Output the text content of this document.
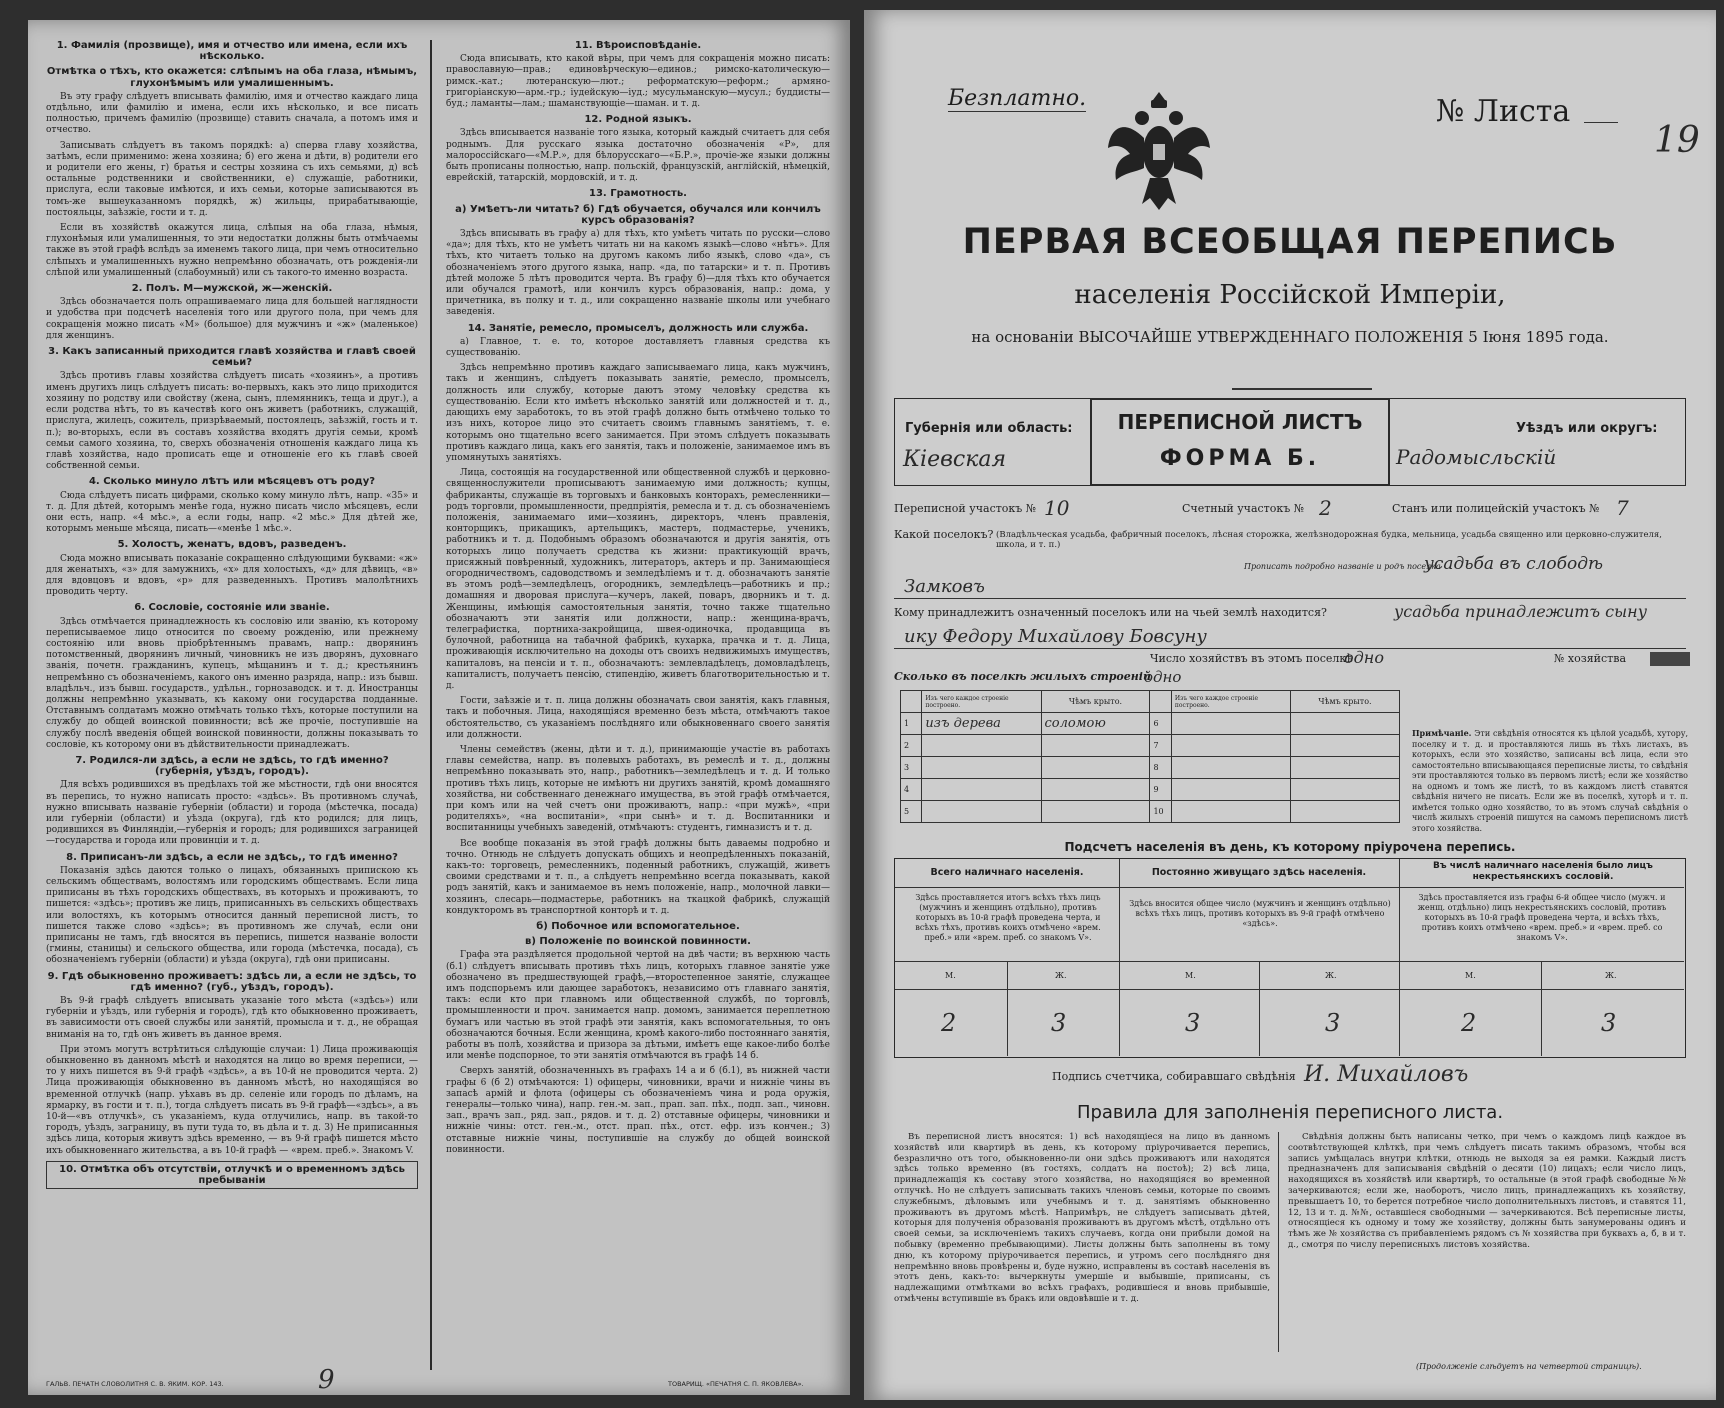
1. Фамилія (прозвище), имя и отчество или имена, если ихъ нѣсколько.
Отмѣтка о тѣхъ, кто окажется: слѣпымъ на оба глаза, нѣмымъ, глухонѣмымъ или умалишеннымъ.

Въ эту графу слѣдуетъ вписывать фамилію, имя и отчество каждаго лица отдѣльно, или фамилію и имена, если ихъ нѣсколько, и все писать полностью, причемъ фамилію (прозвище) ставить сначала, а потомъ имя и отчество.

Записывать слѣдуетъ въ такомъ порядкѣ: а) сперва главу хозяйства, затѣмъ, если применимо: жена хозяина; б) его жена и дѣти, в) родители его и родители его жены, г) братья и сестры хозяина съ ихъ семьями, д) всѣ остальные родственники и свойственники, е) служащіе, работники, прислуга, если таковые имѣются, и ихъ семьи, которые записываются въ томъ-же вышеуказанномъ порядкѣ, ж) жильцы, прирабатывающіе, постояльцы, заѣзжіе, гости и т. д.

Если въ хозяйствѣ окажутся лица, слѣпыя на оба глаза, нѣмыя, глухонѣмыя или умалишенныя, то эти недостатки должны быть отмѣчаемы также въ этой графѣ вслѣдъ за именемъ такого лица, при чемъ относительно слѣпыхъ и умалишенныхъ нужно непремѣнно обозначать, отъ рожденія-ли слѣпой или умалишенный (слабоумный) или съ такого-то именно возраста.

2. Полъ. М—мужской, ж—женскій.

Здѣсь обозначается полъ опрашиваемаго лица для большей наглядности и удобства при подсчетѣ населенія того или другого пола, при чемъ для сокращенія можно писать «М» (большое) для мужчинъ и «ж» (маленькое) для женщинъ.

3. Какъ записанный приходится главѣ хозяйства и главѣ своей семьи?

Здѣсь противъ главы хозяйства слѣдуетъ писать «хозяинъ», а противъ именъ другихъ лицъ слѣдуетъ писать: во-первыхъ, какъ это лицо приходится хозяину по родству или свойству (жена, сынъ, племянникъ, теща и друг.), а если родства нѣтъ, то въ качествѣ кого онъ живетъ (работникъ, служащій, прислуга, жилецъ, сожитель, призрѣваемый, постоялецъ, заѣзжій, гость и т. п.); во-вторыхъ, если въ составъ хозяйства входятъ другія семьи, кромѣ семьи самого хозяина, то, сверхъ обозначенія отношенія каждаго лица къ главѣ хозяйства, надо прописать еще и отношеніе его къ главѣ своей собственной семьи.

4. Сколько минуло лѣтъ или мѣсяцевъ отъ роду?

Сюда слѣдуетъ писать цифрами, сколько кому минуло лѣтъ, напр. «35» и т. д. Для дѣтей, которымъ менѣе года, нужно писать число мѣсяцевъ, если они есть, напр. «4 мѣс.», а если годы, напр. «2 мѣс.» Для дѣтей же, которымъ меньше мѣсяца, писать—«менѣе 1 мѣс.».

5. Холостъ, женатъ, вдовъ, разведенъ.

Сюда можно вписывать показаніе сокращенно слѣдующими буквами: «ж» для женатыхъ, «з» для замужнихъ, «х» для холостыхъ, «д» для дѣвицъ, «в» для вдовцовъ и вдовъ, «р» для разведенныхъ. Противъ малолѣтнихъ проводить черту.

6. Сословіе, состояніе или званіе.

Здѣсь отмѣчается принадлежность къ сословію или званію, къ которому переписываемое лицо относится по своему рожденію, или прежнему состоянію или вновь пріобрѣтеннымъ правамъ, напр.: дворянинъ потомственный, дворянинъ личный, чиновникъ не изъ дворянъ, духовнаго званія, почетн. гражданинъ, купецъ, мѣщанинъ и т. д.; крестьянинъ непремѣнно съ обозначеніемъ, какого онъ именно разряда, напр.: изъ бывш. владѣльч., изъ бывш. государств., удѣльн., горнозаводск. и т. д. Иностранцы должны непремѣнно указывать, къ какому они государства подданные. Отставнымъ солдатамъ можно отмѣчать только тѣхъ, которые поступили на службу до общей воинской повинности; всѣ же прочіе, поступившіе на службу послѣ введенія общей воинской повинности, должны показывать то сословіе, къ которому они въ дѣйствительности принадлежатъ.

7. Родился-ли здѣсь, а если не здѣсь, то гдѣ именно? (губернія, уѣздъ, городъ).

Для всѣхъ родившихся въ предѣлахъ той же мѣстности, гдѣ они вносятся въ перепись, то нужно написать просто: «здѣсь». Въ противномъ случаѣ, нужно вписывать названіе губерніи (области) и города (мѣстечка, посада) или губерніи (области) и уѣзда (округа), гдѣ кто родился; для лицъ, родившихся въ Финляндіи,—губернія и городъ; для родившихся заграницей—государства и города или провинціи и т. д.

8. Приписанъ-ли здѣсь, а если не здѣсь,, то гдѣ именно?

Показанія здѣсь даются только о лицахъ, обязанныхъ припискою къ сельскимъ обществамъ, волостямъ или городскимъ обществамъ. Если лица приписаны въ тѣхъ городскихъ обществахъ, въ которыхъ и проживаютъ, то пишется: «здѣсь»; противъ же лицъ, приписанныхъ въ сельскихъ обществахъ или волостяхъ, къ которымъ относится данный переписной листъ, то пишется также слово «здѣсь»; въ противномъ же случаѣ, если они приписаны не тамъ, гдѣ вносятся въ перепись, пишется названіе волости (гмины, станицы) и сельского общества, или города (мѣстечка, посада), съ обозначеніемъ губерніи (области) и уѣзда (округа), гдѣ они приписаны.

9. Гдѣ обыкновенно проживаетъ: здѣсь ли, а если не здѣсь, то гдѣ именно? (губ., уѣздъ, городъ).

Въ 9-й графѣ слѣдуетъ вписывать указаніе того мѣста («здѣсь») или губерніи и уѣздъ, или губернія и городъ), гдѣ кто обыкновенно проживаетъ, въ зависимости отъ своей службы или занятій, промысла и т. д., не обращая вниманія на то, гдѣ онъ живетъ въ данное время.

При этомъ могутъ встрѣтиться слѣдующіе случаи: 1) Лица проживающія обыкновенно въ данномъ мѣстѣ и находятся на лицо во время переписи, — то у нихъ пишется въ 9-й графѣ «здѣсь», а въ 10-й не проводится черта. 2) Лица проживающія обыкновенно въ данномъ мѣстѣ, но находящіяся во временной отлучкѣ (напр. уѣхавъ въ др. селеніе или городъ по дѣламъ, на ярмарку, въ гости и т. п.), тогда слѣдуетъ писать въ 9-й графѣ—«здѣсь», а въ 10-й—«въ отлучкѣ», съ указаніемъ, куда отлучились, напр. въ такой-то городъ, уѣздъ, заграницу, въ пути туда то, въ дѣла и т. д. 3) Не приписанныя здѣсь лица, которыя живутъ здѣсь временно, — въ 9-й графѣ пишется мѣсто ихъ обыкновеннаго жительства, а въ 10-й графѣ — «врем. преб.». Знакомъ V.

10. Отмѣтка объ отсутствіи, отлучкѣ и о временномъ здѣсь пребываніи
11. Вѣроисповѣданіе.

Сюда вписывать, кто какой вѣры, при чемъ для сокращенія можно писать: православную—прав.; единовѣрческую—единов.; римско-католическую—римск.-кат.; лютеранскую—лют.; реформатскую—реформ.; армяно-григоріанскую—арм.-гр.; іудейскую—іуд.; мусульманскую—мусул.; буддисты—буд.; ламанты—лам.; шаманствующіе—шаман. и т. д.

12. Родной языкъ.

Здѣсь вписывается названіе того языка, который каждый считаетъ для себя роднымъ. Для русскаго языка достаточно обозначенія «Р», для малороссійскаго—«М.Р.», для бѣлорусскаго—«Б.Р.», прочіе-же языки должны быть прописаны полностью, напр. польскій, французскій, англійскій, нѣмецкій, еврейскій, татарскій, мордовскій, и т. д.

13. Грамотность.
а) Умѣетъ-ли читать? б) Гдѣ обучается, обучался или кончилъ курсъ образованія?

Здѣсь вписывать въ графу а) для тѣхъ, кто умѣетъ читать по русски—слово «да»; для тѣхъ, кто не умѣетъ читать ни на какомъ языкѣ—слово «нѣтъ». Для тѣхъ, кто читаетъ только на другомъ какомъ либо языкѣ, слово «да», съ обозначеніемъ этого другого языка, напр. «да, по татарски» и т. п. Противъ дѣтей моложе 5 лѣтъ проводится черта. Въ графу б)—для тѣхъ кто обучается или обучался грамотѣ, или кончилъ курсъ образованія, напр.: дома, у причетника, въ полку и т. д., или сокращенно названіе школы или учебнаго заведенія.

14. Занятіе, ремесло, промыселъ, должность или служба.

а) Главное, т. е. то, которое доставляетъ главныя средства къ существованію.

Здѣсь непремѣнно противъ каждаго записываемаго лица, какъ мужчинъ, такъ и женщинъ, слѣдуетъ показывать занятіе, ремесло, промыселъ, должность или службу, которые даютъ этому человѣку средства къ существованію. Если кто имѣетъ нѣсколько занятій или должностей и т. д., дающихъ ему заработокъ, то въ этой графѣ должно быть отмѣчено только то изъ нихъ, которое лицо это считаетъ своимъ главнымъ занятіемъ, т. е. которымъ оно тщательно всего занимается. При этомъ слѣдуетъ показывать противъ каждаго лица, какъ его занятія, такъ и положеніе, занимаемое имъ въ упомянутыхъ занятіяхъ.

Лица, состоящія на государственной или общественной службѣ и церковно-священнослужители прописываютъ занимаемую ими должность; купцы, фабриканты, служащіе въ торговыхъ и банковыхъ конторахъ, ремесленники—родъ торговли, промышленности, предпріятія, ремесла и т. д. съ обозначеніемъ положенія, занимаемаго ими—хозяинъ, директоръ, членъ правленія, конторщикъ, прикащикъ, артельщикъ, мастеръ, подмастерье, ученикъ, работникъ и т. д. Подобнымъ образомъ обозначаются и другія занятія, отъ которыхъ лицо получаетъ средства къ жизни: практикующій врачъ, присяжный повѣренный, художникъ, литераторъ, актеръ и пр. Занимающіеся огородничествомъ, садоводствомъ и земледѣліемъ и т. д. обозначаютъ занятіе въ этомъ родѣ—земледѣлецъ, огородникъ, земледѣлецъ—работникъ и пр.; домашняя и дворовая прислуга—кучеръ, лакей, поваръ, дворникъ и т. д. Женщины, имѣющія самостоятельныя занятія, точно также тщательно обозначаютъ эти занятія или должности, напр.: женщина-врачъ, телеграфистка, портниха-закройщица, швея-одиночка, продавщица въ булочной, работница на табачной фабрикѣ, кухарка, прачка и т. д. Лица, проживающія исключительно на доходы отъ своихъ недвижимыхъ имуществъ, капиталовъ, на пенсіи и т. п., обозначаютъ: землевладѣлецъ, домовладѣлецъ, капиталистъ, получаетъ пенсію, стипендію, живетъ благотворительностью и т. д.

Гости, заѣзжіе и т. п. лица должны обозначать свои занятія, какъ главныя, такъ и побочныя. Лица, находящіяся временно безъ мѣста, отмѣчаютъ такое обстоятельство, съ указаніемъ послѣдняго или обыкновеннаго своего занятія или должности.

Члены семействъ (жены, дѣти и т. д.), принимающіе участіе въ работахъ главы семейства, напр. въ полевыхъ работахъ, въ ремеслѣ и т. д., должны непремѣнно показывать это, напр., работникъ—земледѣлецъ и т. д. И только противъ тѣхъ лицъ, которые не имѣютъ ни другихъ занятій, кромѣ домашняго хозяйства, ни собственнаго денежнаго имущества, въ этой графѣ отмѣчается, при комъ или на чей счетъ они проживаютъ, напр.: «при мужѣ», «при родителяхъ», «на воспитаніи», «при сынѣ» и т. д. Воспитанники и воспитанницы учебныхъ заведеній, отмѣчаютъ: студентъ, гимназистъ и т. д.

Все вообще показанія въ этой графѣ должны быть даваемы подробно и точно. Отнюдь не слѣдуетъ допускать общихъ и неопредѣленныхъ показаній, какъ-то: торговецъ, ремесленникъ, поденный работникъ, служащій, живетъ своими средствами и т. п., а слѣдуетъ непремѣнно всегда показывать, какой родъ занятій, какъ и занимаемое въ немъ положеніе, напр., молочной лавки—хозяинъ, слесарь—подмастерье, работникъ на ткацкой фабрикѣ, служащій кондукторомъ въ транспортной конторѣ и т. д.

б) Побочное или вспомогательное.
в) Положеніе по воинской повинности.

Графа эта раздѣляется продольной чертой на двѣ части; въ верхнюю часть (б.1) слѣдуетъ вписывать противъ тѣхъ лицъ, которыхъ главное занятіе уже обозначено въ предшествующей графѣ,—второстепенное занятіе, служащее имъ подспорьемъ или дающее заработокъ, независимо отъ главнаго занятія, такъ: если кто при главномъ или общественной службѣ, по торговлѣ, промышленности и проч. занимается напр. домомъ, занимается переплетною бумагъ или частью въ этой графѣ эти занятія, какъ вспомогательныя, то онъ обозначаются бочныя. Если женщина, кромѣ какого-либо постояннаго занятія, работы въ полѣ, хозяйства и призора за дѣтьми, имѣетъ еще какое-либо болѣе или менѣе подспорное, то эти занятія отмѣчаются въ графѣ 14 б.

Сверхъ занятій, обозначенныхъ въ графахъ 14 а и б (б.1), въ нижней части графы 6 (б 2) отмѣчаются: 1) офицеры, чиновники, врачи и нижніе чины въ запасѣ армій и флота (офицеры съ обозначеніемъ чина и рода оружія, генералы—только чина), напр. ген.-м. зап., прап. зап. пѣх., подп. зап., чиновн. зап., врачъ зап., ряд. зап., рядов. и т. д. 2) отставные офицеры, чиновники и нижніе чины: отст. ген.-м., отст. прап. пѣх., отст. ефр. изъ кончен.; 3) отставные нижніе чины, поступившіе на службу до общей воинской повинности.

ГАЛЬВ. ПЕЧАТН СЛОВОЛИТНЯ С. В. ЯКИМ. КОР. 143.	ТОВАРИЩ. «ПЕЧАТНЯ С. П. ЯКОВЛЕВА».
9
Безплатно.	№ Листа
19
ПЕРВАЯ ВСЕОБЩАЯ ПЕРЕПИСЬ
населенія Россійской Имперіи,
на основаніи ВЫСОЧАЙШЕ УТВЕРЖДЕННАГО ПОЛОЖЕНІЯ 5 Іюня 1895 года.
Губернія или область:
Кіевская
ПЕРЕПИСНОЙ ЛИСТЪ
ФОРМА Б.
Уѣздъ или округъ:
Радомысльскій
Переписной участокъ № 10	Счетный участокъ № 2	Станъ или полицейскій участокъ № 7
Какой поселокъ? (Владѣльческая усадьба, фабричный поселокъ, лѣсная сторожка, желѣзнодорожная будка, мельница, усадьба священно или церковно-служителя, школа, и т. п.)
Прописать подробно названіе и родъ поселка
усадьба въ слободѣ
Замковъ
Кому принадлежитъ означенный поселокъ или на чьей землѣ находится?	усадьба принадлежитъ сыну
ику Федору Михайлову Бовсуну
Число хозяйствъ въ этомъ поселкѣ
одно	№ хозяйства
Сколько въ поселкѣ жилыхъ строеній
одно
	Изъ чего каждое строеніе построено.	Чѣмъ крыто.		Изъ чего каждое строеніе построено.	Чѣмъ крыто.
1	изъ дерева	соломою	6		
2			7		
3			8		
4			9		
5			10		
Примѣчаніе. Эти свѣдѣнія относятся къ цѣлой усадьбѣ, хутору, поселку и т. д. и проставляются лишь въ тѣхъ листахъ, въ которыхъ, если это хозяйство, записаны всѣ лица, если это самостоятельно вписывающаяся переписные листы, то свѣдѣнія эти проставляются только въ первомъ листѣ; если же хозяйство на одномъ и томъ же листѣ, то въ каждомъ листѣ ставятся свѣдѣнія ничего не писать. Если же въ поселкѣ, хуторѣ и т. п. имѣется только одно хозяйство, то въ этомъ случаѣ свѣдѣнія о числѣ жилыхъ строеній пишутся на самомъ переписномъ листѣ этого хозяйства.
Подсчетъ населенія въ день, къ которому пріурочена перепись.
Всего наличнаго населенія.	Постоянно живущаго здѣсь населенія.
Въ числѣ наличнаго населенія было лицъ некрестьянскихъ сословій.
Здѣсь проставляется итогъ всѣхъ тѣхъ лицъ (мужчинъ и женщинъ отдѣльно), противъ которыхъ въ 10-й графѣ проведена черта, и всѣхъ тѣхъ, противъ коихъ отмѣчено «врем. преб.» или «врем. преб. со знакомъ V».
Здѣсь вносится общее число (мужчинъ и женщинъ отдѣльно) всѣхъ тѣхъ лицъ, противъ которыхъ въ 9-й графѣ отмѣчено «здѣсь».
Здѣсь проставляется изъ графы 6-й общее число (мужч. и женщ. отдѣльно) лицъ некрестьянскихъ сословій, противъ которыхъ въ 10-й графѣ проведена черта, и всѣхъ тѣхъ, противъ коихъ отмѣчено «врем. преб.» и «врем. преб. со знакомъ V».
М.	Ж.	М.	Ж.	М.	Ж.
2	3	3	3	2	3
Подпись счетчика, собиравшаго свѣдѣнія И. Михайловъ
Правила для заполненія переписного листа.
Въ переписной листъ вносятся: 1) всѣ находящіеся на лицо въ данномъ хозяйствѣ или квартирѣ въ день, къ которому пріурочивается перепись, безразлично отъ того, обыкновенно-ли они здѣсь проживаютъ или находятся здѣсь только временно (въ гостяхъ, солдатъ на постоѣ); 2) всѣ лица, принадлежащія къ составу этого хозяйства, но находящіяся во временной отлучкѣ. Но не слѣдуетъ записывать такихъ членовъ семьи, которые по своимъ служебнымъ, дѣловымъ или учебнымъ и т. д. занятіямъ обыкновенно проживаютъ въ другомъ мѣстѣ. Напримѣръ, не слѣдуетъ записывать дѣтей, которыя для полученія образованія проживаютъ въ другомъ мѣстѣ, отдѣльно отъ своей семьи, за исключеніемъ такихъ случаевъ, когда они прибыли домой на побывку (временно пребывающими). Листы должны быть заполнены въ тому дню, къ которому пріурочивается перепись, и утромъ сего послѣдняго дня непремѣнно вновь провѣрены и, буде нужно, исправлены въ составѣ населенія въ этотъ день, какъ-то: вычеркнуты умершіе и выбывшіе, приписаны, съ надлежащими отмѣтками во всѣхъ графахъ, родившіеся и вновь прибывшіе, отмѣчены вступившіе въ бракъ или овдовѣвшіе и т. д.
Свѣдѣнія должны быть написаны четко, при чемъ о каждомъ лицѣ каждое въ соотвѣтствующей клѣткѣ, при чемъ слѣдуетъ писать такимъ образомъ, чтобы вся запись умѣщалась внутри клѣтки, отнюдь не выходя за ея рамки. Каждый листъ предназначенъ для записыванія свѣдѣній о десяти (10) лицахъ; если число лицъ, находящихся въ хозяйствѣ или квартирѣ, то остальные (в этой графѣ свободные №№ зачеркиваются; если же, наоборотъ, число лицъ, принадлежащихъ къ хозяйству, превышаетъ 10, то берется потребное число дополнительныхъ листовъ, и ставятся 11, 12, 13 и т. д. №№, оставшіеся свободными — зачеркиваются. Всѣ переписные листы, относящіеся къ одному и тому же хозяйству, должны быть занумерованы одинъ и тѣмъ же № хозяйства съ прибавленіемъ рядомъ съ № хозяйства при буквахъ а, б, в и т. д., смотря по числу переписныхъ листовъ хозяйства.
(Продолженіе слѣдуетъ на четвертой страницѣ).
